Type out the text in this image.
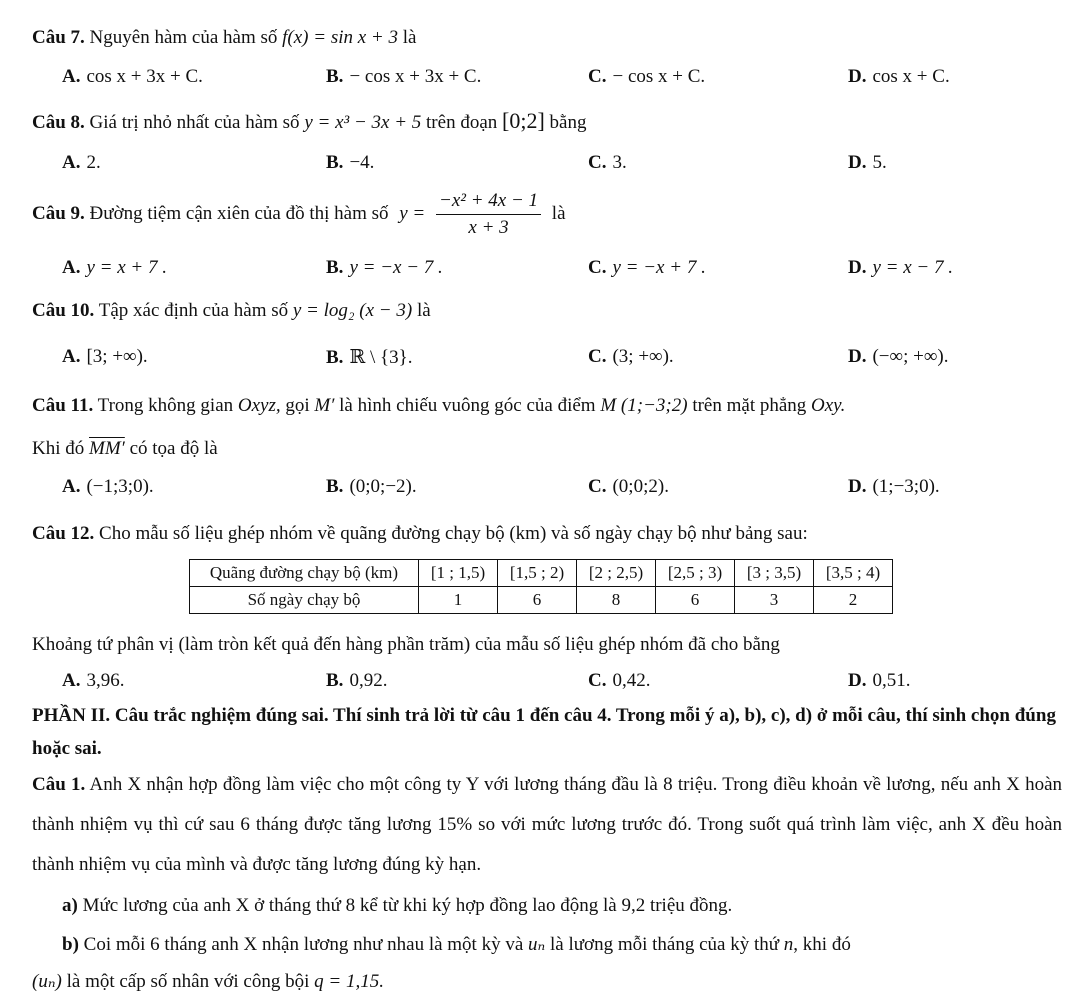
Câu 7. Nguyên hàm của hàm số f(x) = sin x + 3 là
A. cos x + 3x + C.	B. − cos x + 3x + C.	C. − cos x + C.	D. cos x + C.
Câu 8. Giá trị nhỏ nhất của hàm số y = x³ − 3x + 5 trên đoạn [0;2] bằng
A. 2.	B. −4.	C. 3.	D. 5.
Câu 9. Đường tiệm cận xiên của đồ thị hàm số $y = \frac{\text{−x² + 4x − 1}}{x + 3}$ là
A. y = x + 7 .	B. y = −x − 7 .	C. y = −x + 7 .	D. y = x − 7 .
Câu 10. Tập xác định của hàm số y = log₂ (x − 3) là
A. [3; +∞).	B. ℝ \ {3}.	C. (3; +∞).	D. (−∞; +∞).
Câu 11. Trong không gian Oxyz, gọi M′ là hình chiếu vuông góc của điểm M (1;−3;2) trên mặt phẳng Oxy.
Khi đó MM′ có tọa độ là
A. (−1;3;0).	B. (0;0;−2).	C. (0;0;2).	D. (1;−3;0).
Câu 12. Cho mẫu số liệu ghép nhóm về quãng đường chạy bộ (km) và số ngày chạy bộ như bảng sau:
Quãng đường chạy bộ (km)	[1 ; 1,5)	[1,5 ; 2)	[2 ; 2,5)	[2,5 ; 3)	[3 ; 3,5)	[3,5 ; 4)
Số ngày chạy bộ	1	6	8	6	3	2
Khoảng tứ phân vị (làm tròn kết quả đến hàng phần trăm) của mẫu số liệu ghép nhóm đã cho bằng
A. 3,96.	B. 0,92.	C. 0,42.	D. 0,51.
PHẦN II. Câu trắc nghiệm đúng sai. Thí sinh trả lời từ câu 1 đến câu 4. Trong mỗi ý a), b), c), d) ở mỗi câu, thí sinh chọn đúng hoặc sai.
Câu 1. Anh X nhận hợp đồng làm việc cho một công ty Y với lương tháng đầu là 8 triệu. Trong điều khoản về lương, nếu anh X hoàn thành nhiệm vụ thì cứ sau 6 tháng được tăng lương 15% so với mức lương trước đó. Trong suốt quá trình làm việc, anh X đều hoàn thành nhiệm vụ của mình và được tăng lương đúng kỳ hạn.
a) Mức lương của anh X ở tháng thứ 8 kể từ khi ký hợp đồng lao động là 9,2 triệu đồng.
b) Coi mỗi 6 tháng anh X nhận lương như nhau là một kỳ và uₙ là lương mỗi tháng của kỳ thứ n, khi đó
(uₙ) là một cấp số nhân với công bội q = 1,15.
